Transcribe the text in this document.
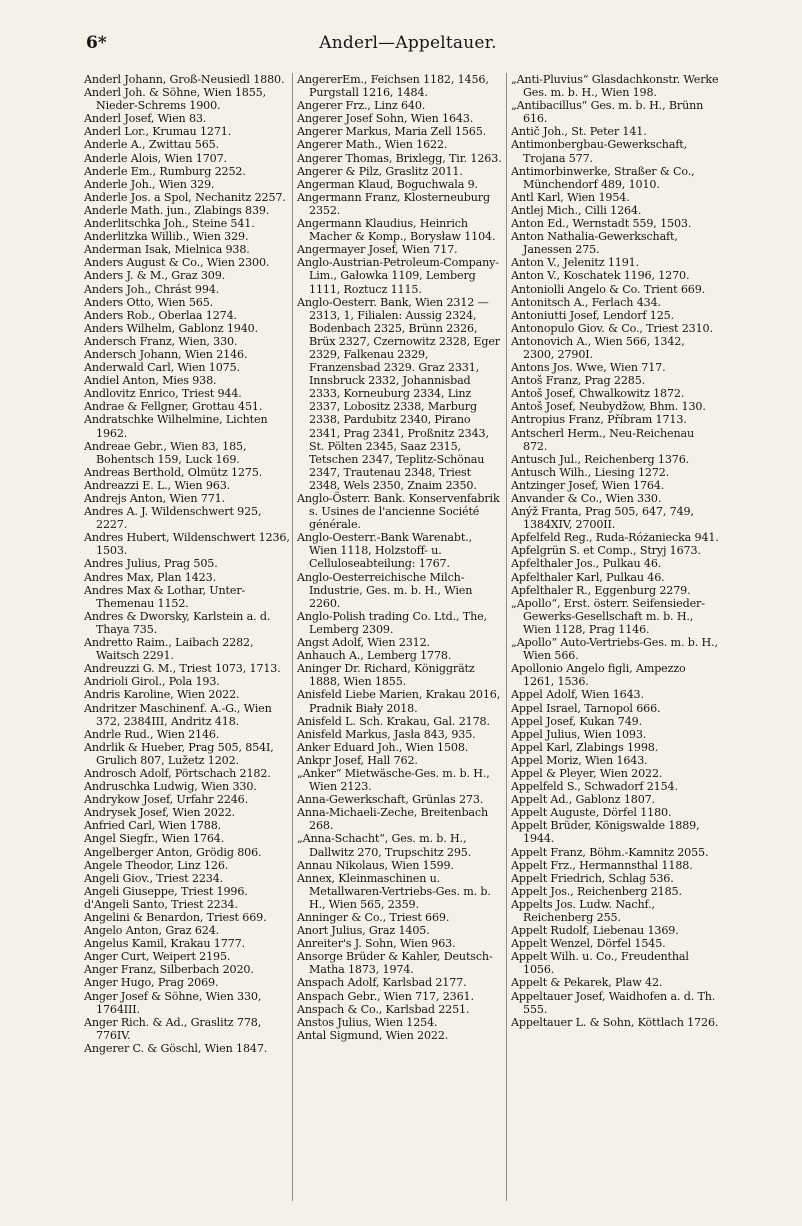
6*	Anderl—Appeltauer.
Anderl Johann, Groß-Neusiedl 1880.
Anderl Joh. & Söhne, Wien 1855, Nieder-Schrems 1900.
Anderl Josef, Wien 83.
Anderl Lor., Krumau 1271.
Anderle A., Zwittau 565.
Anderle Alois, Wien 1707.
Anderle Em., Rumburg 2252.
Anderle Joh., Wien 329.
Anderle Jos. a Spol, Nechanitz 2257.
Anderle Math. jun., Zlabings 839.
Anderlitschka Joh., Steine 541.
Anderlitzka Willib., Wien 329.
Anderman Isak, Mielnica 938.
Anders August & Co., Wien 2300.
Anders J. & M., Graz 309.
Anders Joh., Chrást 994.
Anders Otto, Wien 565.
Anders Rob., Oberlaa 1274.
Anders Wilhelm, Gablonz 1940.
Andersch Franz, Wien, 330.
Andersch Johann, Wien 2146.
Anderwald Carl, Wien 1075.
Andiel Anton, Mies 938.
Andlovitz Enrico, Triest 944.
Andrae & Fellgner, Grottau 451.
Andratschke Wilhelmine, Lichten 1962.
Andreae Gebr., Wien 83, 185, Bohentsch 159, Luck 169.
Andreas Berthold, Olmütz 1275.
Andreazzi E. L., Wien 963.
Andrejs Anton, Wien 771.
Andres A. J. Wildenschwert 925, 2227.
Andres Hubert, Wildenschwert 1236, 1503.
Andres Julius, Prag 505.
Andres Max, Plan 1423.
Andres Max & Lothar, Unter-Themenau 1152.
Andres & Dworsky, Karlstein a. d. Thaya 735.
Andretto Raim., Laibach 2282, Waitsch 2291.
Andreuzzi G. M., Triest 1073, 1713.
Andrioli Girol., Pola 193.
Andris Karoline, Wien 2022.
Andritzer Maschinenf. A.-G., Wien 372, 2384III, Andritz 418.
Andrle Rud., Wien 2146.
Andrlik & Hueber, Prag 505, 854I, Grulich 807, Lužetz 1202.
Androsch Adolf, Pörtschach 2182.
Andruschka Ludwig, Wien 330.
Andrykow Josef, Urfahr 2246.
Andrysek Josef, Wien 2022.
Anfried Carl, Wien 1788.
Angel Siegfr., Wien 1764.
Angelberger Anton, Grödig 806.
Angele Theodor, Linz 126.
Angeli Giov., Triest 2234.
Angeli Giuseppe, Triest 1996.
d'Angeli Santo, Triest 2234.
Angelini & Benardon, Triest 669.
Angelo Anton, Graz 624.
Angelus Kamil, Krakau 1777.
Anger Curt, Weipert 2195.
Anger Franz, Silberbach 2020.
Anger Hugo, Prag 2069.
Anger Josef & Söhne, Wien 330, 1764III.
Anger Rich. & Ad., Graslitz 778, 776IV.
Angerer C. & Göschl, Wien 1847.
AngererEm., Feichsen 1182, 1456, Purgstall 1216, 1484.
Angerer Frz., Linz 640.
Angerer Josef Sohn, Wien 1643.
Angerer Markus, Maria Zell 1565.
Angerer Math., Wien 1622.
Angerer Thomas, Brixlegg, Tir. 1263.
Angerer & Pilz, Graslitz 2011.
Angerman Klaud, Boguchwala 9.
Angermann Franz, Klosterneuburg 2352.
Angermann Klaudius, Heinrich Macher & Komp., Borysław 1104.
Angermayer Josef, Wien 717.
Anglo-Austrian-Petroleum-Company-Lim., Gałowka 1109, Lemberg 1111, Roztucz 1115.
Anglo-Oesterr. Bank, Wien 2312 — 2313, 1, Filialen: Aussig 2324, Bodenbach 2325, Brünn 2326, Brüx 2327, Czernowitz 2328, Eger 2329, Falkenau 2329, Franzensbad 2329. Graz 2331, Innsbruck 2332, Johannisbad 2333, Korneuburg 2334, Linz 2337, Lobositz 2338, Marburg 2338, Pardubitz 2340, Pirano 2341, Prag 2341, Proßnitz 2343, St. Pölten 2345, Saaz 2315, Tetschen 2347, Teplitz-Schönau 2347, Trautenau 2348, Triest 2348, Wels 2350, Znaim 2350.
Anglo-Österr. Bank. Konservenfabrik s. Usines de l'ancienne Société générale.
Anglo-Oesterr.-Bank Warenabt., Wien 1118, Holzstoff- u. Celluloseabteilung: 1767.
Anglo-Oesterreichische Milch-Industrie, Ges. m. b. H., Wien 2260.
Anglo-Polish trading Co. Ltd., The, Lemberg 2309.
Angst Adolf, Wien 2312.
Anhauch A., Lemberg 1778.
Aninger Dr. Richard, Königgrätz 1888, Wien 1855.
Anisfeld Liebe Marien, Krakau 2016, Pradnik Biały 2018.
Anisfeld L. Sch. Krakau, Gal. 2178.
Anisfeld Markus, Jasła 843, 935.
Anker Eduard Joh., Wien 1508.
Ankpr Josef, Hall 762.
„Anker“ Mietwäsche-Ges. m. b. H., Wien 2123.
Anna-Gewerkschaft, Grünlas 273.
Anna-Michaeli-Zeche, Breitenbach 268.
„Anna-Schacht“, Ges. m. b. H., Dallwitz 270, Trupschitz 295.
Annau Nikolaus, Wien 1599.
Annex, Kleinmaschinen u. Metallwaren-Vertriebs-Ges. m. b. H., Wien 565, 2359.
Anninger & Co., Triest 669.
Anort Julius, Graz 1405.
Anreiter's J. Sohn, Wien 963.
Ansorge Brüder & Kahler, Deutsch-Matha 1873, 1974.
Anspach Adolf, Karlsbad 2177.
Anspach Gebr., Wien 717, 2361.
Anspach & Co., Karlsbad 2251.
Anstos Julius, Wien 1254.
Antal Sigmund, Wien 2022.
„Anti-Pluvius“ Glasdachkonstr. Werke Ges. m. b. H., Wien 198.
„Antibacillus“ Ges. m. b. H., Brünn 616.
Antič Joh., St. Peter 141.
Antimonbergbau-Gewerkschaft, Trojana 577.
Antimorbinwerke, Straßer & Co., Münchendorf 489, 1010.
Antl Karl, Wien 1954.
Antlej Mich., Cilli 1264.
Anton Ed., Wernstadt 559, 1503.
Anton Nathalia-Gewerkschaft, Janessen 275.
Anton V., Jelenitz 1191.
Anton V., Koschatek 1196, 1270.
Antoniolli Angelo & Co. Trient 669.
Antonitsch A., Ferlach 434.
Antoniutti Josef, Lendorf 125.
Antonopulo Giov. & Co., Triest 2310.
Antonovich A., Wien 566, 1342, 2300, 2790I.
Antons Jos. Wwe, Wien 717.
Antoš Franz, Prag 2285.
Antoš Josef, Chwalkowitz 1872.
Antoš Josef, Neubydžow, Bhm. 130.
Antropius Franz, Příbram 1713.
Antscherl Herm., Neu-Reichenau 872.
Antusch Jul., Reichenberg 1376.
Antusch Wilh., Liesing 1272.
Antzinger Josef, Wien 1764.
Anvander & Co., Wien 330.
Anýž Franta, Prag 505, 647, 749, 1384XIV, 2700II.
Apfelfeld Reg., Ruda-Różaniecka 941.
Apfelgrün S. et Comp., Stryj 1673.
Apfelthaler Jos., Pulkau 46.
Apfelthaler Karl, Pulkau 46.
Apfelthaler R., Eggenburg 2279.
„Apollo“, Erst. österr. Seifensieder-Gewerks-Gesellschaft m. b. H., Wien 1128, Prag 1146.
„Apollo“ Auto-Vertriebs-Ges. m. b. H., Wien 566.
Apollonio Angelo figli, Ampezzo 1261, 1536.
Appel Adolf, Wien 1643.
Appel Israel, Tarnopol 666.
Appel Josef, Kukan 749.
Appel Julius, Wien 1093.
Appel Karl, Zlabings 1998.
Appel Moriz, Wien 1643.
Appel & Pleyer, Wien 2022.
Appelfeld S., Schwadorf 2154.
Appelt Ad., Gablonz 1807.
Appelt Auguste, Dörfel 1180.
Appelt Brüder, Königswalde 1889, 1944.
Appelt Franz, Böhm.-Kamnitz 2055.
Appelt Frz., Hermannsthal 1188.
Appelt Friedrich, Schlag 536.
Appelt Jos., Reichenberg 2185.
Appelts Jos. Ludw. Nachf., Reichenberg 255.
Appelt Rudolf, Liebenau 1369.
Appelt Wenzel, Dörfel 1545.
Appelt Wilh. u. Co., Freudenthal 1056.
Appelt & Pekarek, Plaw 42.
Appeltauer Josef, Waidhofen a. d. Th. 555.
Appeltauer L. & Sohn, Köttlach 1726.
